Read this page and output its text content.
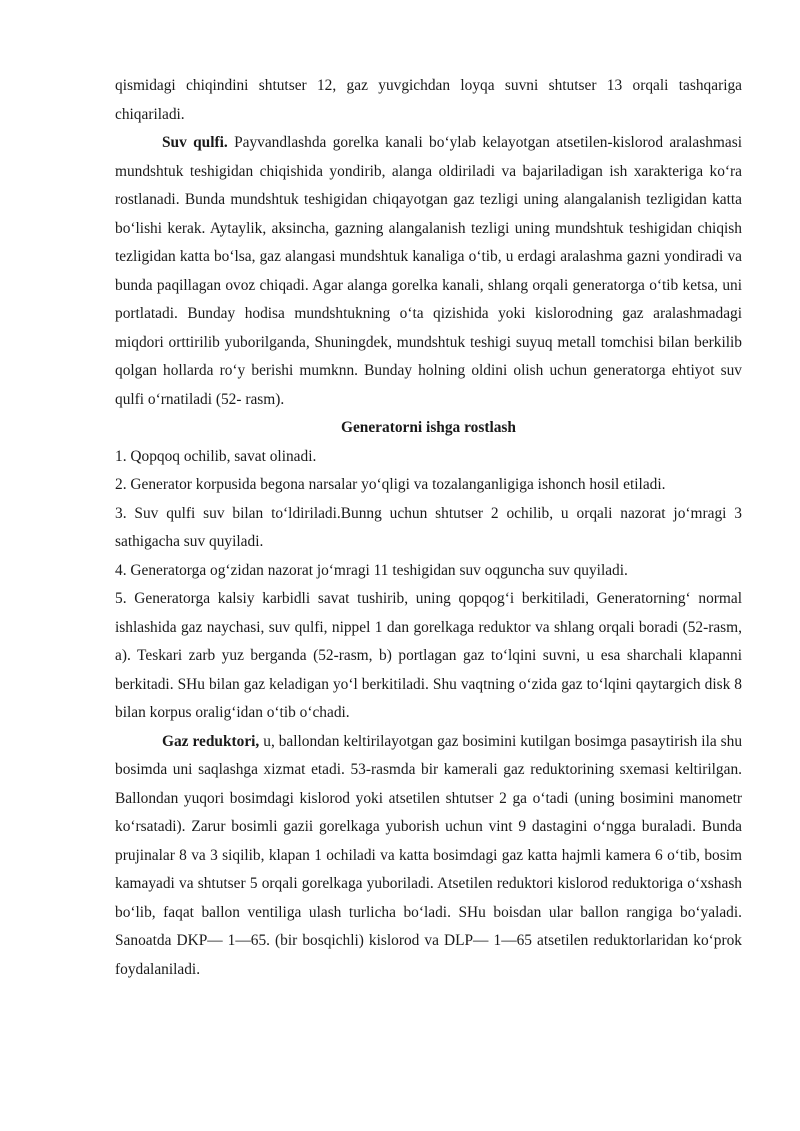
qismidagi chiqindini shtutser 12, gaz yuvgichdan loyqa suvni shtutser 13 orqali tashqariga chiqariladi.

Suv qulfi. Payvandlashda gorelka kanali bo‘ylab kelayotgan atsetilen-kislorod aralashmasi mundshtuk teshigidan chiqishida yondirib, alanga oldiriladi va bajariladigan ish xarakteriga ko‘ra rostlanadi. Bunda mundshtuk teshigidan chiqayotgan gaz tezligi uning alangalanish tezligidan katta bo‘lishi kerak. Aytaylik, aksincha, gazning alangalanish tezligi uning mundshtuk teshigidan chiqish tezligidan katta bo‘lsa, gaz alangasi mundshtuk kanaliga o‘tib, u erdagi aralashma gazni yondiradi va bunda paqillagan ovoz chiqadi. Agar alanga gorelka kanali, shlang orqali generatorga o‘tib ketsa, uni portlatadi. Bunday hodisa mundshtukning o‘ta qizishida yoki kislorodning gaz aralashmadagi miqdori orttirilib yuborilganda, Shuningdek, mundshtuk teshigi suyuq metall tomchisi bilan berkilib qolgan hollarda ro‘y berishi mumknn. Bunday holning oldini olish uchun generatorga ehtiyot suv qulfi o‘rnatiladi (52- rasm).

Generatorni ishga rostlash

1. Qopqoq ochilib, savat olinadi.

2. Generator korpusida begona narsalar yo‘qligi va tozalanganligiga ishonch hosil etiladi.

3. Suv qulfi suv bilan to‘ldiriladi.Bunng uchun shtutser 2 ochilib, u orqali nazorat jo‘mragi 3 sathigacha suv quyiladi.

4. Generatorga og‘zidan nazorat jo‘mragi 11 teshigidan suv oqguncha suv quyiladi.

5. Generatorga kalsiy karbidli savat tushirib, uning qopqog‘i berkitiladi, Generatorning‘ normal ishlashida gaz naychasi, suv qulfi, nippel 1 dan gorelkaga reduktor va shlang orqali boradi (52-rasm, a). Teskari zarb yuz berganda (52-rasm, b) portlagan gaz to‘lqini suvni, u esa sharchali klapanni berkitadi. SHu bilan gaz keladigan yo‘l berkitiladi. Shu vaqtning o‘zida gaz to‘lqini qaytargich disk 8 bilan korpus oralig‘idan o‘tib o‘chadi.

Gaz reduktori, u, ballondan keltirilayotgan gaz bosimini kutilgan bosimga pasaytirish ila shu bosimda uni saqlashga xizmat etadi. 53-rasmda bir kamerali gaz reduktorining sxemasi keltirilgan. Ballondan yuqori bosimdagi kislorod yoki atsetilen shtutser 2 ga o‘tadi (uning bosimini manometr ko‘rsatadi). Zarur bosimli gazii gorelkaga yuborish uchun vint 9 dastagini o‘ngga buraladi. Bunda prujinalar 8 va 3 siqilib, klapan 1 ochiladi va katta bosimdagi gaz katta hajmli kamera 6 o‘tib, bosim kamayadi va shtutser 5 orqali gorelkaga yuboriladi. Atsetilen reduktori kislorod reduktoriga o‘xshash bo‘lib, faqat ballon ventiliga ulash turlicha bo‘ladi. SHu boisdan ular ballon rangiga bo‘yaladi. Sanoatda DKP— 1—65. (bir bosqichli) kislorod va DLP— 1—65 atsetilen reduktorlaridan ko‘prok foydalaniladi.
